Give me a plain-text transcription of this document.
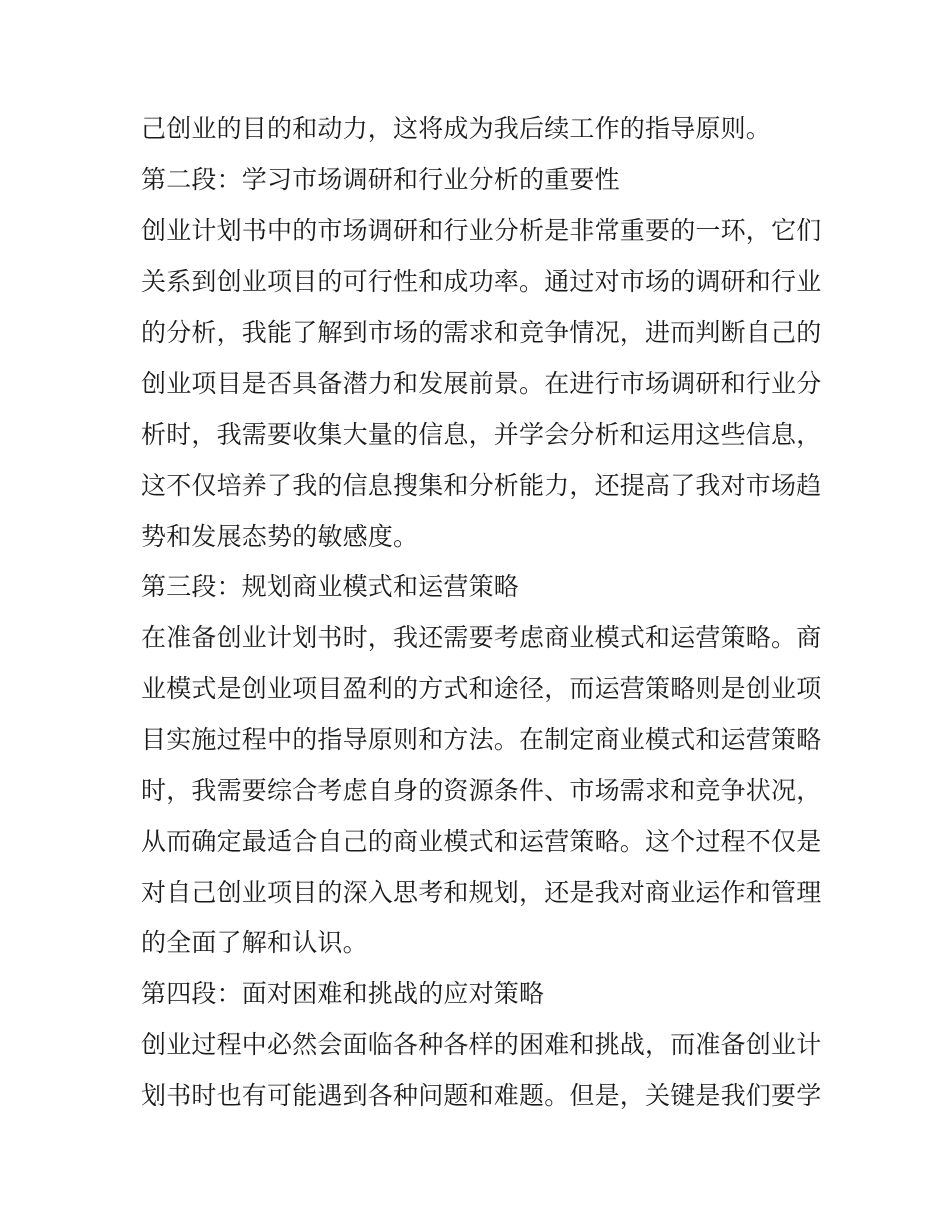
己创业的目的和动力，这将成为我后续工作的指导原则。
第二段：学习市场调研和行业分析的重要性
创业计划书中的市场调研和行业分析是非常重要的一环，它们
关系到创业项目的可行性和成功率。通过对市场的调研和行业
的分析，我能了解到市场的需求和竞争情况，进而判断自己的
创业项目是否具备潜力和发展前景。在进行市场调研和行业分
析时，我需要收集大量的信息，并学会分析和运用这些信息，
这不仅培养了我的信息搜集和分析能力，还提高了我对市场趋
势和发展态势的敏感度。
第三段：规划商业模式和运营策略
在准备创业计划书时，我还需要考虑商业模式和运营策略。商
业模式是创业项目盈利的方式和途径，而运营策略则是创业项
目实施过程中的指导原则和方法。在制定商业模式和运营策略
时，我需要综合考虑自身的资源条件、市场需求和竞争状况，
从而确定最适合自己的商业模式和运营策略。这个过程不仅是
对自己创业项目的深入思考和规划，还是我对商业运作和管理
的全面了解和认识。
第四段：面对困难和挑战的应对策略
创业过程中必然会面临各种各样的困难和挑战，而准备创业计
划书时也有可能遇到各种问题和难题。但是，关键是我们要学
